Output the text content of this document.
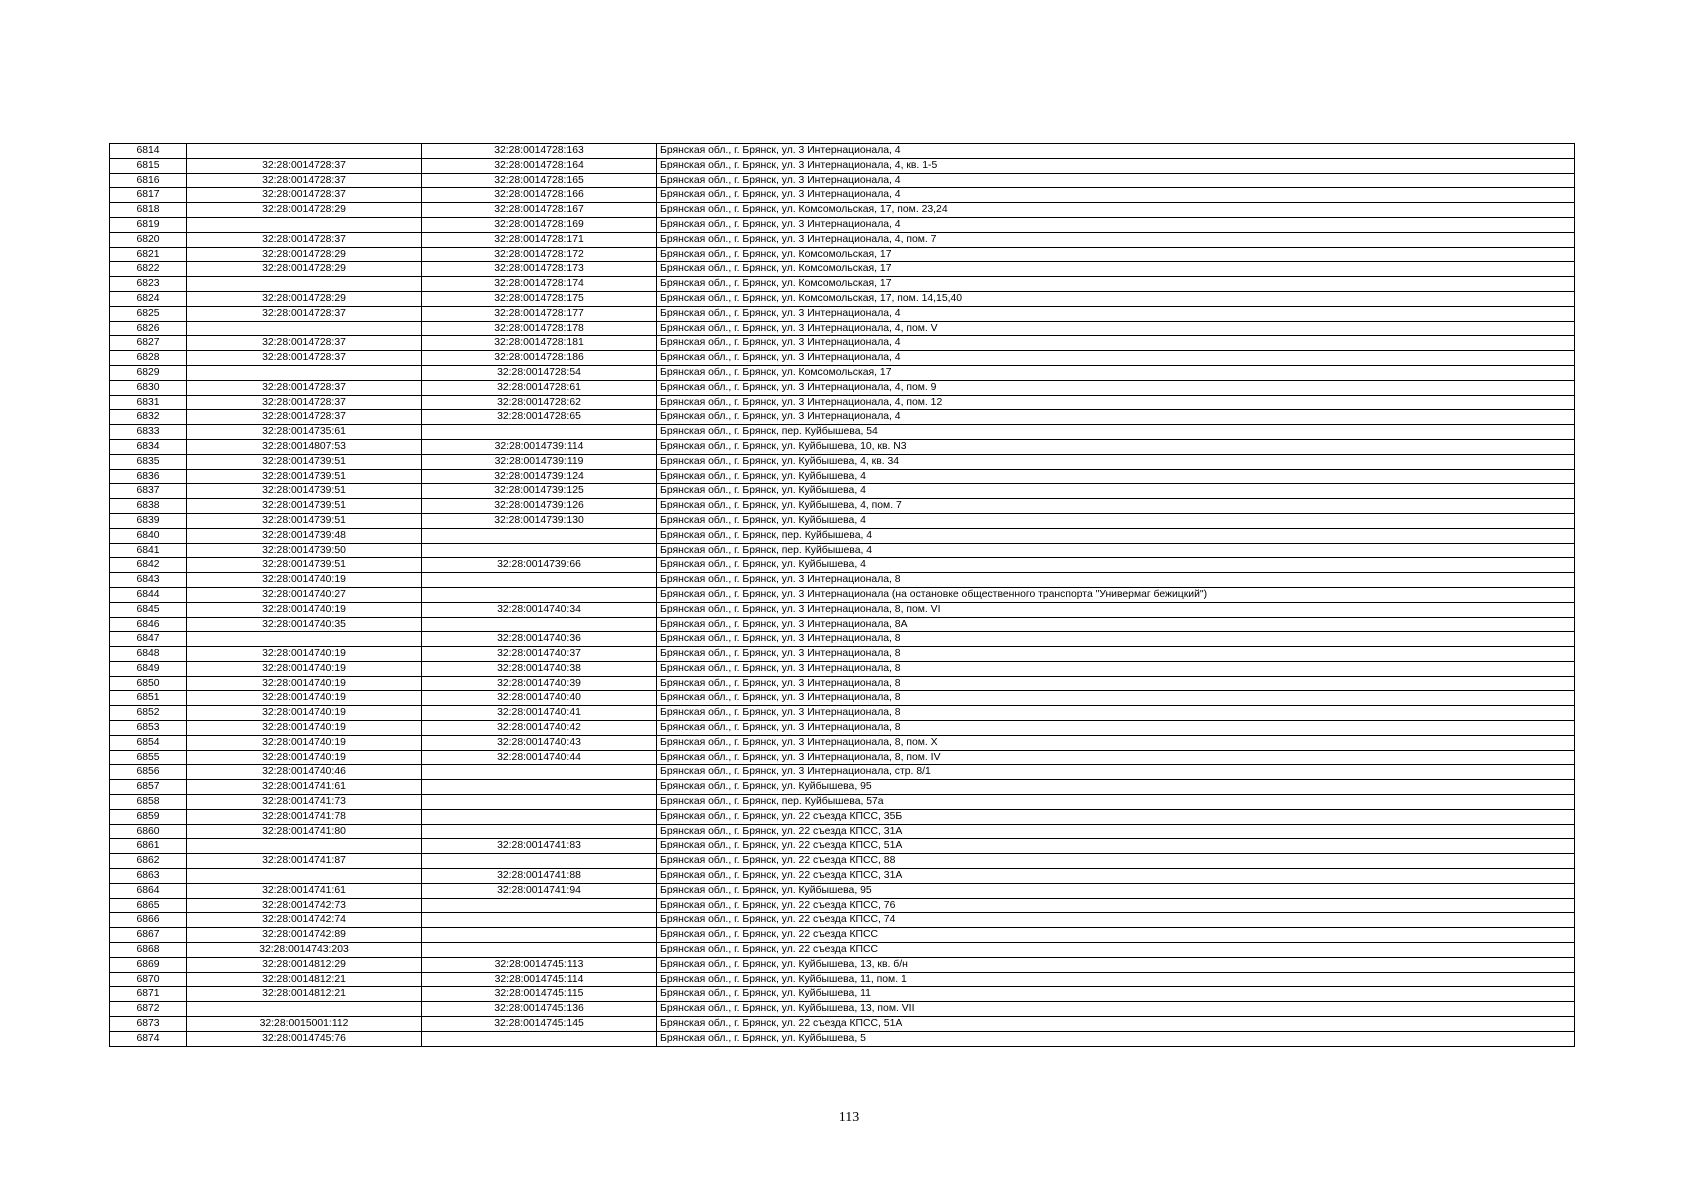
6814		32:28:0014728:163	Брянская обл., г. Брянск, ул. 3 Интернационала, 4
6815	32:28:0014728:37	32:28:0014728:164	Брянская обл., г. Брянск, ул. 3 Интернационала, 4, кв. 1-5
6816	32:28:0014728:37	32:28:0014728:165	Брянская обл., г. Брянск, ул. 3 Интернационала, 4
6817	32:28:0014728:37	32:28:0014728:166	Брянская обл., г. Брянск, ул. 3 Интернационала, 4
6818	32:28:0014728:29	32:28:0014728:167	Брянская обл., г. Брянск, ул. Комсомольская, 17, пом. 23,24
6819		32:28:0014728:169	Брянская обл., г. Брянск, ул. 3 Интернационала, 4
6820	32:28:0014728:37	32:28:0014728:171	Брянская обл., г. Брянск, ул. 3 Интернационала, 4, пом. 7
6821	32:28:0014728:29	32:28:0014728:172	Брянская обл., г. Брянск, ул. Комсомольская, 17
6822	32:28:0014728:29	32:28:0014728:173	Брянская обл., г. Брянск, ул. Комсомольская, 17
6823		32:28:0014728:174	Брянская обл., г. Брянск, ул. Комсомольская, 17
6824	32:28:0014728:29	32:28:0014728:175	Брянская обл., г. Брянск, ул. Комсомольская, 17, пом. 14,15,40
6825	32:28:0014728:37	32:28:0014728:177	Брянская обл., г. Брянск, ул. 3 Интернационала, 4
6826		32:28:0014728:178	Брянская обл., г. Брянск, ул. 3 Интернационала, 4, пом. V
6827	32:28:0014728:37	32:28:0014728:181	Брянская обл., г. Брянск, ул. 3 Интернационала, 4
6828	32:28:0014728:37	32:28:0014728:186	Брянская обл., г. Брянск, ул. 3 Интернационала, 4
6829		32:28:0014728:54	Брянская обл., г. Брянск, ул. Комсомольская, 17
6830	32:28:0014728:37	32:28:0014728:61	Брянская обл., г. Брянск, ул. 3 Интернационала, 4, пом. 9
6831	32:28:0014728:37	32:28:0014728:62	Брянская обл., г. Брянск, ул. 3 Интернационала, 4, пом. 12
6832	32:28:0014728:37	32:28:0014728:65	Брянская обл., г. Брянск, ул. 3 Интернационала, 4
6833	32:28:0014735:61		Брянская обл., г. Брянск, пер. Куйбышева, 54
6834	32:28:0014807:53	32:28:0014739:114	Брянская обл., г. Брянск, ул. Куйбышева, 10, кв. N3
6835	32:28:0014739:51	32:28:0014739:119	Брянская обл., г. Брянск, ул. Куйбышева, 4, кв. 34
6836	32:28:0014739:51	32:28:0014739:124	Брянская обл., г. Брянск, ул. Куйбышева, 4
6837	32:28:0014739:51	32:28:0014739:125	Брянская обл., г. Брянск, ул. Куйбышева, 4
6838	32:28:0014739:51	32:28:0014739:126	Брянская обл., г. Брянск, ул. Куйбышева, 4, пом. 7
6839	32:28:0014739:51	32:28:0014739:130	Брянская обл., г. Брянск, ул. Куйбышева, 4
6840	32:28:0014739:48		Брянская обл., г. Брянск, пер. Куйбышева, 4
6841	32:28:0014739:50		Брянская обл., г. Брянск, пер. Куйбышева, 4
6842	32:28:0014739:51	32:28:0014739:66	Брянская обл., г. Брянск, ул. Куйбышева, 4
6843	32:28:0014740:19		Брянская обл., г. Брянск, ул. 3 Интернационала, 8
6844	32:28:0014740:27		Брянская обл., г. Брянск, ул. 3 Интернационала (на остановке общественного транспорта "Универмаг бежицкий")
6845	32:28:0014740:19	32:28:0014740:34	Брянская обл., г. Брянск, ул. 3 Интернационала, 8, пом. VI
6846	32:28:0014740:35		Брянская обл., г. Брянск, ул. 3 Интернационала, 8А
6847		32:28:0014740:36	Брянская обл., г. Брянск, ул. 3 Интернационала, 8
6848	32:28:0014740:19	32:28:0014740:37	Брянская обл., г. Брянск, ул. 3 Интернационала, 8
6849	32:28:0014740:19	32:28:0014740:38	Брянская обл., г. Брянск, ул. 3 Интернационала, 8
6850	32:28:0014740:19	32:28:0014740:39	Брянская обл., г. Брянск, ул. 3 Интернационала, 8
6851	32:28:0014740:19	32:28:0014740:40	Брянская обл., г. Брянск, ул. 3 Интернационала, 8
6852	32:28:0014740:19	32:28:0014740:41	Брянская обл., г. Брянск, ул. 3 Интернационала, 8
6853	32:28:0014740:19	32:28:0014740:42	Брянская обл., г. Брянск, ул. 3 Интернационала, 8
6854	32:28:0014740:19	32:28:0014740:43	Брянская обл., г. Брянск, ул. 3 Интернационала, 8, пом. X
6855	32:28:0014740:19	32:28:0014740:44	Брянская обл., г. Брянск, ул. 3 Интернационала, 8, пом. IV
6856	32:28:0014740:46		Брянская обл., г. Брянск, ул. 3 Интернационала, стр. 8/1
6857	32:28:0014741:61		Брянская обл., г. Брянск, ул. Куйбышева, 95
6858	32:28:0014741:73		Брянская обл., г. Брянск, пер. Куйбышева, 57а
6859	32:28:0014741:78		Брянская обл., г. Брянск, ул. 22 съезда КПСС, 35Б
6860	32:28:0014741:80		Брянская обл., г. Брянск, ул. 22 съезда КПСС, 31А
6861		32:28:0014741:83	Брянская обл., г. Брянск, ул. 22 съезда КПСС, 51А
6862	32:28:0014741:87		Брянская обл., г. Брянск, ул. 22 съезда КПСС, 88
6863		32:28:0014741:88	Брянская обл., г. Брянск, ул. 22 съезда КПСС, 31А
6864	32:28:0014741:61	32:28:0014741:94	Брянская обл., г. Брянск, ул. Куйбышева, 95
6865	32:28:0014742:73		Брянская обл., г. Брянск, ул. 22 съезда КПСС, 76
6866	32:28:0014742:74		Брянская обл., г. Брянск, ул. 22 съезда КПСС, 74
6867	32:28:0014742:89		Брянская обл., г. Брянск, ул. 22 съезда КПСС
6868	32:28:0014743:203		Брянская обл., г. Брянск, ул. 22 съезда КПСС
6869	32:28:0014812:29	32:28:0014745:113	Брянская обл., г. Брянск, ул. Куйбышева, 13, кв. б/н
6870	32:28:0014812:21	32:28:0014745:114	Брянская обл., г. Брянск, ул. Куйбышева, 11, пом. 1
6871	32:28:0014812:21	32:28:0014745:115	Брянская обл., г. Брянск, ул. Куйбышева, 11
6872		32:28:0014745:136	Брянская обл., г. Брянск, ул. Куйбышева, 13, пом. VII
6873	32:28:0015001:112	32:28:0014745:145	Брянская обл., г. Брянск, ул. 22 съезда КПСС, 51А
6874	32:28:0014745:76		Брянская обл., г. Брянск, ул. Куйбышева, 5
113
